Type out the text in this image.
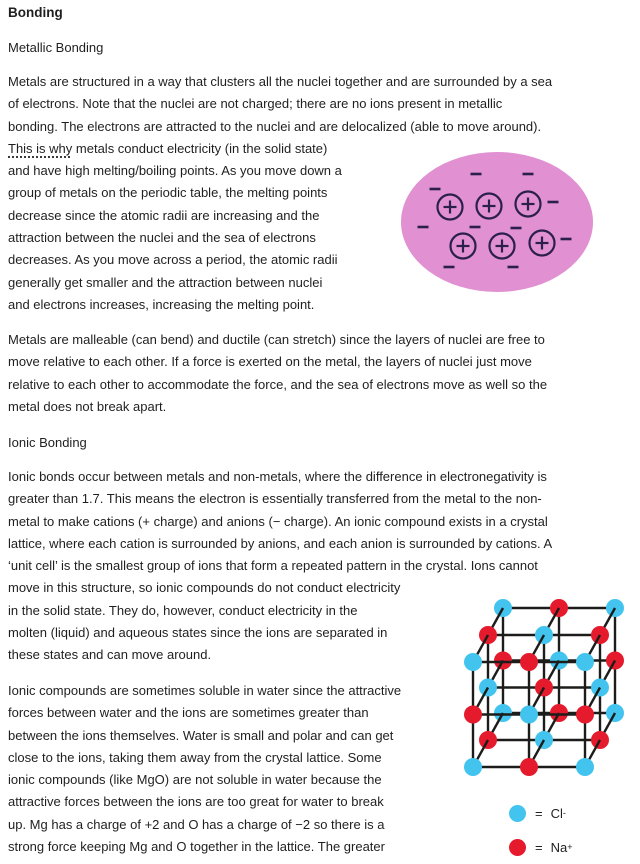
Bonding
Metallic Bonding
Metals are structured in a way that clusters all the nuclei together and are surrounded by a sea
of electrons. Note that the nuclei are not charged; there are no ions present in metallic
bonding. The electrons are attracted to the nuclei and are delocalized (able to move around).
This is why metals conduct electricity (in the solid state)
and have high melting/boiling points. As you move down a
group of metals on the periodic table, the melting points
decrease since the atomic radii are increasing and the
attraction between the nuclei and the sea of electrons
decreases. As you move across a period, the atomic radii
generally get smaller and the attraction between nuclei
and electrons increases, increasing the melting point.
Metals are malleable (can bend) and ductile (can stretch) since the layers of nuclei are free to
move relative to each other. If a force is exerted on the metal, the layers of nuclei just move
relative to each other to accommodate the force, and the sea of electrons move as well so the
metal does not break apart.
Ionic Bonding
Ionic bonds occur between metals and non-metals, where the difference in electronegativity is
greater than 1.7. This means the electron is essentially transferred from the metal to the non-
metal to make cations (+ charge) and anions (− charge). An ionic compound exists in a crystal
lattice, where each cation is surrounded by anions, and each anion is surrounded by cations. A
‘unit cell’ is the smallest group of ions that form a repeated pattern in the crystal. Ions cannot
move in this structure, so ionic compounds do not conduct electricity
in the solid state. They do, however, conduct electricity in the
molten (liquid) and aqueous states since the ions are separated in
these states and can move around.
Ionic compounds are sometimes soluble in water since the attractive
forces between water and the ions are sometimes greater than
between the ions themselves. Water is small and polar and can get
close to the ions, taking them away from the crystal lattice. Some
ionic compounds (like MgO) are not soluble in water because the
attractive forces between the ions are too great for water to break
up. Mg has a charge of +2 and O has a charge of −2 so there is a
strong force keeping Mg and O together in the lattice. The greater
= Cl -
= Na +
